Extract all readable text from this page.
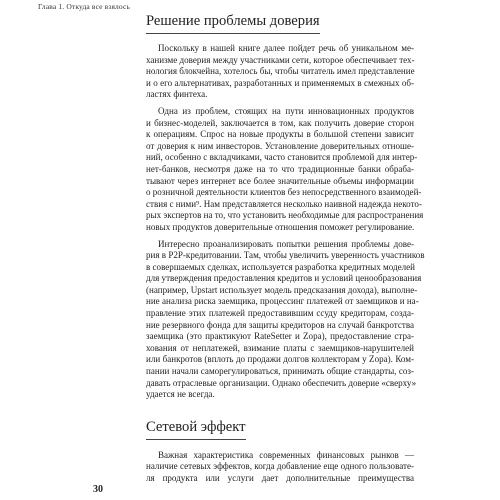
Глава 1. Откуда все взялось
Решение проблемы доверия
Поскольку в нашей книге далее пойдет речь об уникальном ме-
ханизме доверия между участниками сети, которое обеспечивает тех-
нология блокчейна, хотелось бы, чтобы читатель имел представление
и о его альтернативах, разработанных и применяемых в смежных об-
ластях финтеха.
Одна из проблем, стоящих на пути инновационных продуктов
и бизнес-моделей, заключается в том, как получить доверие сторон
к операциям. Спрос на новые продукты в большой степени зависит
от доверия к ним инвесторов. Установление доверительных отноше-
ний, особенно с вкладчиками, часто становится проблемой для интер-
нет-банков, несмотря даже на то что традиционные банки обраба-
тывают через интернет все более значительные объемы информации
о розничной деятельности клиентов без непосредственного взаимодей-
ствия с ними⁹. Нам представляется несколько наивной надежда некото-
рых экспертов на то, что установить необходимые для распространения
новых продуктов доверительные отношения поможет регулирование.
Интересно проанализировать попытки решения проблемы дове-
рия в P2P-кредитовании. Там, чтобы увеличить уверенность участников
в совершаемых сделках, используется разработка кредитных моделей
для утверждения предоставления кредитов и условий ценообразования
(например, Upstart использует модель предсказания дохода), выполне-
ние анализа риска заемщика, процессинг платежей от заемщиков и на-
правление этих платежей предоставившим ссуду кредиторам, созда-
ние резервного фонда для защиты кредиторов на случай банкротства
заемщика (это практикуют RateSetter и Zopa), предоставление стра-
хования от неплатежей, взимание платы с заемщиков-нарушителей
или банкротов (вплоть до продажи долгов коллекторам у Zopa). Ком-
пании начали саморегулироваться, принимать общие стандарты, соз-
давать отраслевые организации. Однако обеспечить доверие «сверху»
удается не всегда.
Сетевой эффект
Важная характеристика современных финансовых рынков —
наличие сетевых эффектов, когда добавление еще одного пользовате-
ля продукта или услуги дает дополнительные преимущества
30
